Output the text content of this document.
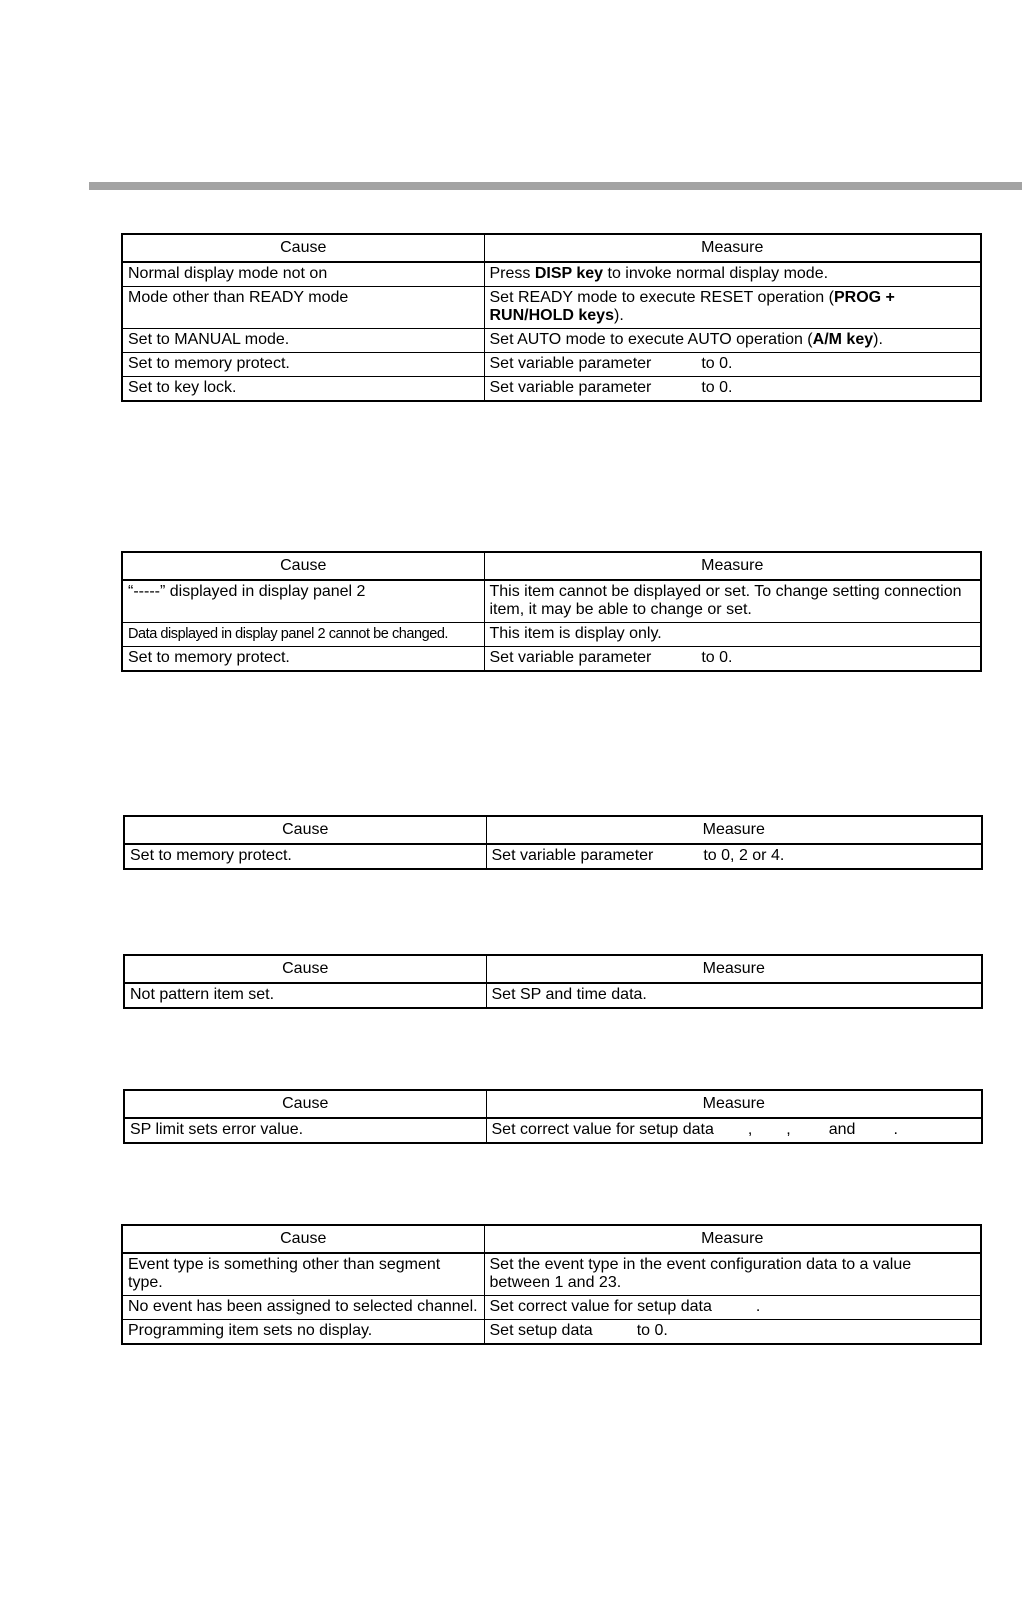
Cause	Measure
Normal display mode not on	Press DISP key to invoke normal display mode.
Mode other than READY mode	Set READY mode to execute RESET operation (PROG + RUN/HOLD keys).
Set to MANUAL mode.	Set AUTO mode to execute AUTO operation (A/M key).
Set to memory protect.	Set variable parameter to 0.
Set to key lock.	Set variable parameter to 0.
Cause	Measure
“-----” displayed in display panel 2	This item cannot be displayed or set. To change setting connection item, it may be able to change or set.
Data displayed in display panel 2 cannot be changed.	This item is display only.
Set to memory protect.	Set variable parameter to 0.
Cause	Measure
Set to memory protect.	Set variable parameter to 0, 2 or 4.
Cause	Measure
Not pattern item set.	Set SP and time data.
Cause	Measure
SP limit sets error value.	Set correct value for setup data , , and .
Cause	Measure
Event type is something other than segment type.	Set the event type in the event configuration data to a value between 1 and 23.
No event has been assigned to selected channel.	Set correct value for setup data .
Programming item sets no display.	Set setup data to 0.
